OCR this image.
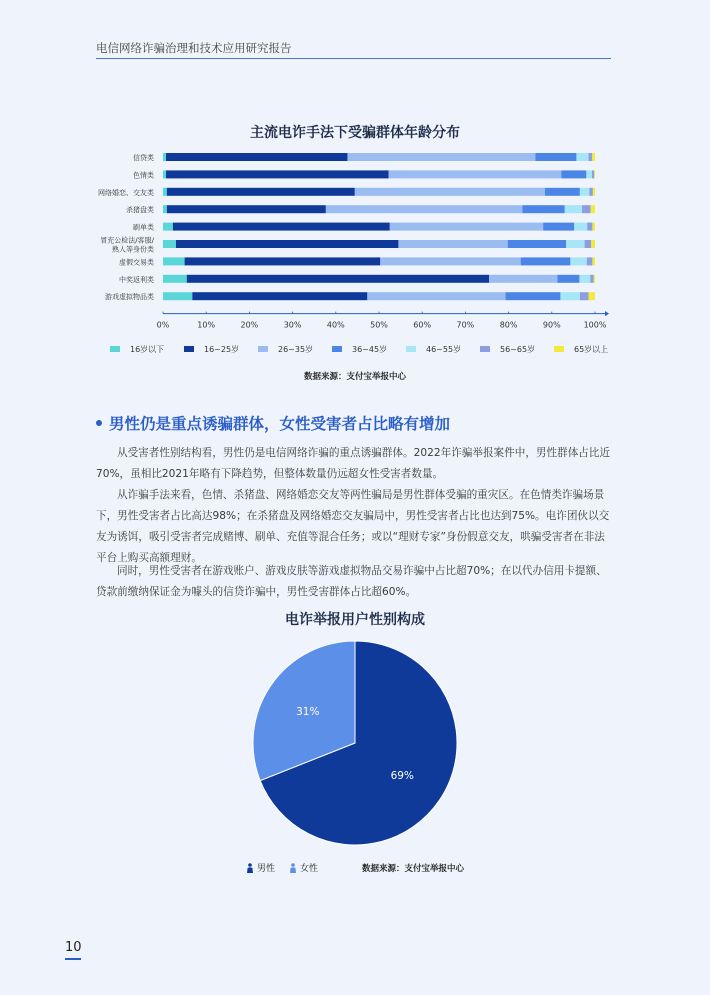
电信网络诈骗治理和技术应用研究报告
主流电诈手法下受骗群体年龄分布
信贷类
色情类
网络婚恋、交友类
杀猪盘类
刷单类
冒充公检法/客服/
熟人等身份类
虚假交易类
中奖返利类
游戏虚拟物品类
0%	10%	20%	30%	40%	50%	60%	70%	80%	90%	100%
16岁以下	16~25岁	26~35岁	36~45岁	46~55岁	56~65岁	65岁以上
数据来源：支付宝举报中心
男性仍是重点诱骗群体，女性受害者占比略有增加
从受害者性别结构看，男性仍是电信网络诈骗的重点诱骗群体。2022年诈骗举报案件中，男性群体占比近70%，虽相比2021年略有下降趋势，但整体数量仍远超女性受害者数量。
从诈骗手法来看，色情、杀猪盘、网络婚恋交友等两性骗局是男性群体受骗的重灾区。在色情类诈骗场景下，男性受害者占比高达98%；在杀猪盘及网络婚恋交友骗局中，男性受害者占比也达到75%。电诈团伙以交友为诱饵，吸引受害者完成赌博、刷单、充值等混合任务；或以“理财专家”身份假意交友，哄骗受害者在非法平台上购买高额理财。
同时，男性受害者在游戏账户、游戏皮肤等游戏虚拟物品交易诈骗中占比超70%；在以代办信用卡提额、贷款前缴纳保证金为噱头的信贷诈骗中，男性受害群体占比超60%。
电诈举报用户性别构成
69%
31%
男性	女性	数据来源：支付宝举报中心
10
